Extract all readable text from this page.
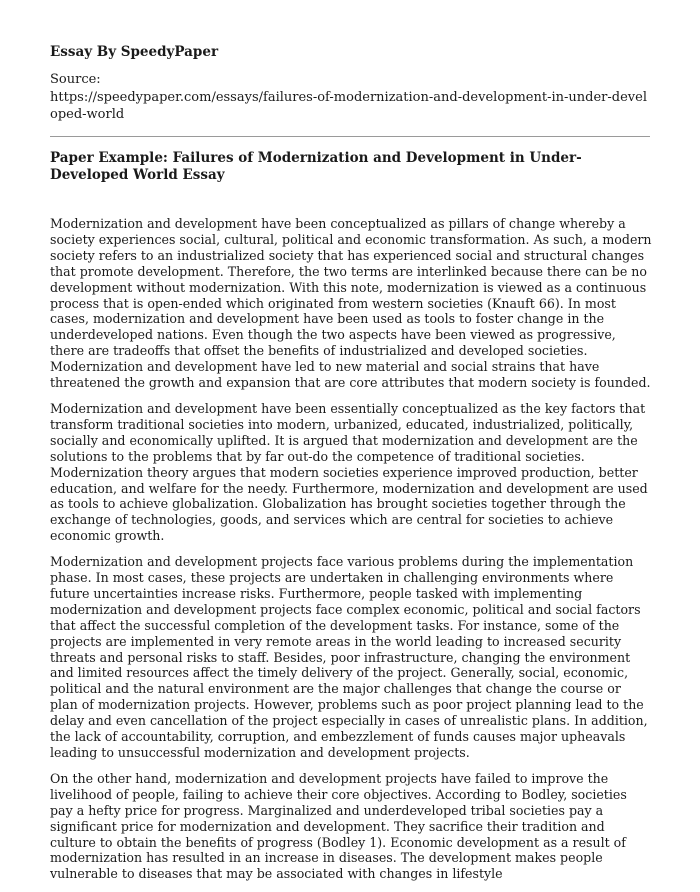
Essay By SpeedyPaper
Source:
https://speedypaper.com/essays/failures-of-modernization-and-development-in-under-developed-world
Paper Example: Failures of Modernization and Development in Under-Developed World Essay

Modernization and development have been conceptualized as pillars of change whereby a society experiences social, cultural, political and economic transformation. As such, a modern society refers to an industrialized society that has experienced social and structural changes that promote development. Therefore, the two terms are interlinked because there can be no development without modernization. With this note, modernization is viewed as a continuous process that is open-ended which originated from western societies (Knauft 66). In most cases, modernization and development have been used as tools to foster change in the underdeveloped nations. Even though the two aspects have been viewed as progressive, there are tradeoffs that offset the benefits of industrialized and developed societies. Modernization and development have led to new material and social strains that have threatened the growth and expansion that are core attributes that modern society is founded.

Modernization and development have been essentially conceptualized as the key factors that transform traditional societies into modern, urbanized, educated, industrialized, politically, socially and economically uplifted. It is argued that modernization and development are the solutions to the problems that by far out-do the competence of traditional societies. Modernization theory argues that modern societies experience improved production, better education, and welfare for the needy. Furthermore, modernization and development are used as tools to achieve globalization. Globalization has brought societies together through the exchange of technologies, goods, and services which are central for societies to achieve economic growth.

Modernization and development projects face various problems during the implementation phase. In most cases, these projects are undertaken in challenging environments where future uncertainties increase risks. Furthermore, people tasked with implementing modernization and development projects face complex economic, political and social factors that affect the successful completion of the development tasks. For instance, some of the projects are implemented in very remote areas in the world leading to increased security threats and personal risks to staff. Besides, poor infrastructure, changing the environment and limited resources affect the timely delivery of the project. Generally, social, economic, political and the natural environment are the major challenges that change the course or plan of modernization projects. However, problems such as poor project planning lead to the delay and even cancellation of the project especially in cases of unrealistic plans. In addition, the lack of accountability, corruption, and embezzlement of funds causes major upheavals leading to unsuccessful modernization and development projects.

On the other hand, modernization and development projects have failed to improve the livelihood of people, failing to achieve their core objectives. According to Bodley, societies pay a hefty price for progress. Marginalized and underdeveloped tribal societies pay a significant price for modernization and development. They sacrifice their tradition and culture to obtain the benefits of progress (Bodley 1). Economic development as a result of modernization has resulted in an increase in diseases. The development makes people vulnerable to diseases that may be associated with changes in lifestyle
